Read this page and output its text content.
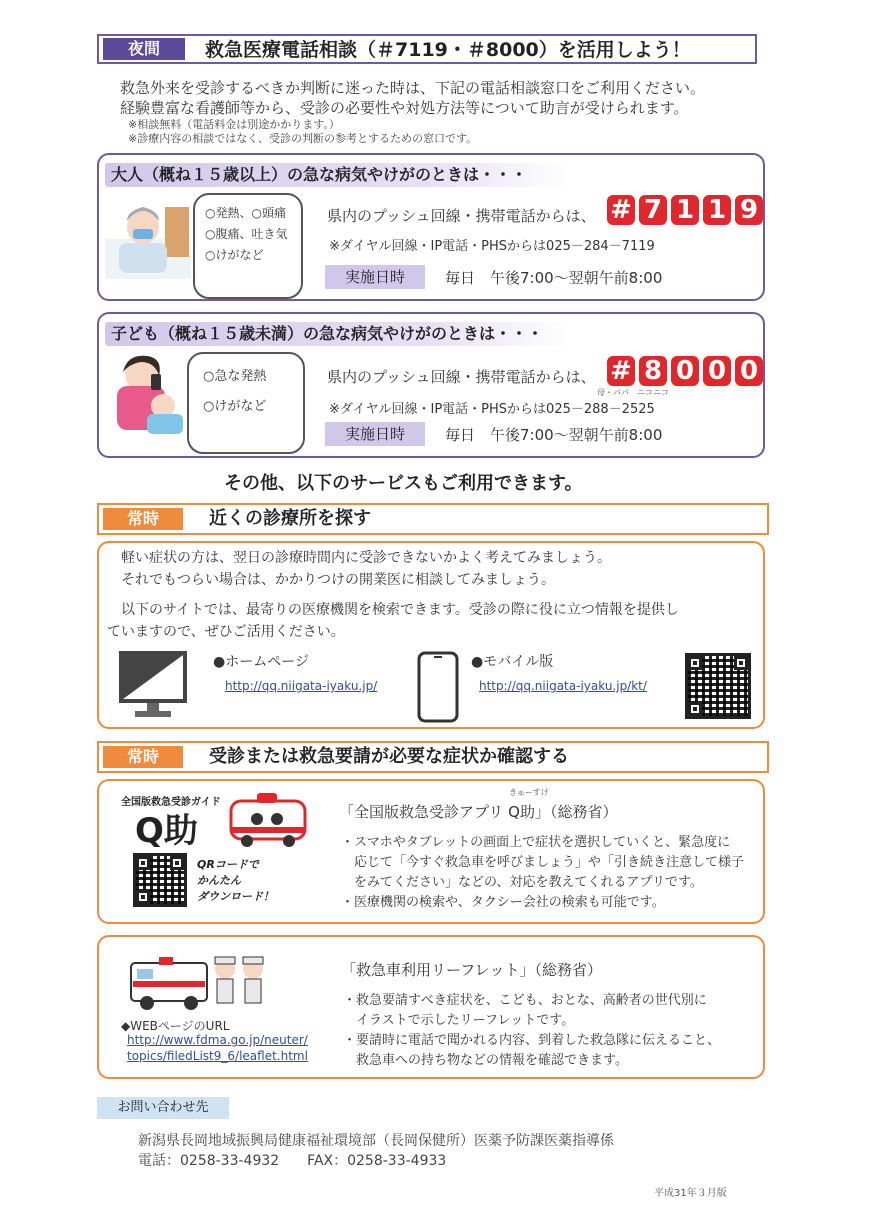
夜間	救急医療電話相談（＃7119・＃8000）を活用しよう！
救急外来を受診するべきか判断に迷った時は、下記の電話相談窓口をご利用ください。
経験豊富な看護師等から、受診の必要性や対処方法等について助言が受けられます。
※相談無料（電話料金は別途かかります。）
※診療内容の相談ではなく、受診の判断の参考とするための窓口です。
大人（概ね１５歳以上）の急な病気やけがのときは・・・
○発熱、○頭痛
○腹痛、吐き気
○けがなど
県内のプッシュ回線・携帯電話からは、 # 7 1 1 9
※ダイヤル回線・IP電話・PHSからは025－284－7119
実施日時	毎日　午後7:00～翌朝午前8:00
子ども（概ね１５歳未満）の急な病気やけがのときは・・・
○急な発熱
○けがなど
県内のプッシュ回線・携帯電話からは、 # 8 0 0 0
母・パパ　ニコニコ
※ダイヤル回線・IP電話・PHSからは025－288－2525
実施日時	毎日　午後7:00～翌朝午前8:00
その他、以下のサービスもご利用できます。
常時	近くの診療所を探す
軽い症状の方は、翌日の診療時間内に受診できないかよく考えてみましょう。
それでもつらい場合は、かかりつけの開業医に相談してみましょう。
以下のサイトでは、最寄りの医療機関を検索できます。受診の際に役に立つ情報を提供し
ていますので、ぜひご活用ください。
●ホームページ
http://qq.niigata-iyaku.jp/
●モバイル版
http://qq.niigata-iyaku.jp/kt/
常時	受診または救急要請が必要な症状か確認する
全国版救急受診ガイド
Q助
QRコードで
かんたん
ダウンロード！
きゅーすけ
「全国版救急受診アプリ Q助」（総務省）
・スマホやタブレットの画面上で症状を選択していくと、緊急度に
　応じて「今すぐ救急車を呼びましょう」や「引き続き注意して様子
　をみてください」などの、対応を教えてくれるアプリです。
・医療機関の検索や、タクシー会社の検索も可能です。
◆WEBページのURL
http://www.fdma.go.jp/neuter/
topics/filedList9_6/leaflet.html
「救急車利用リーフレット」（総務省）
・救急要請すべき症状を、こども、おとな、高齢者の世代別に
　イラストで示したリーフレットです。
・要請時に電話で聞かれる内容、到着した救急隊に伝えること、
　救急車への持ち物などの情報を確認できます。
お問い合わせ先
新潟県長岡地域振興局健康福祉環境部（長岡保健所）医薬予防課医薬指導係
電話：0258-33-4932　　FAX：0258-33-4933
平成31年３月版
